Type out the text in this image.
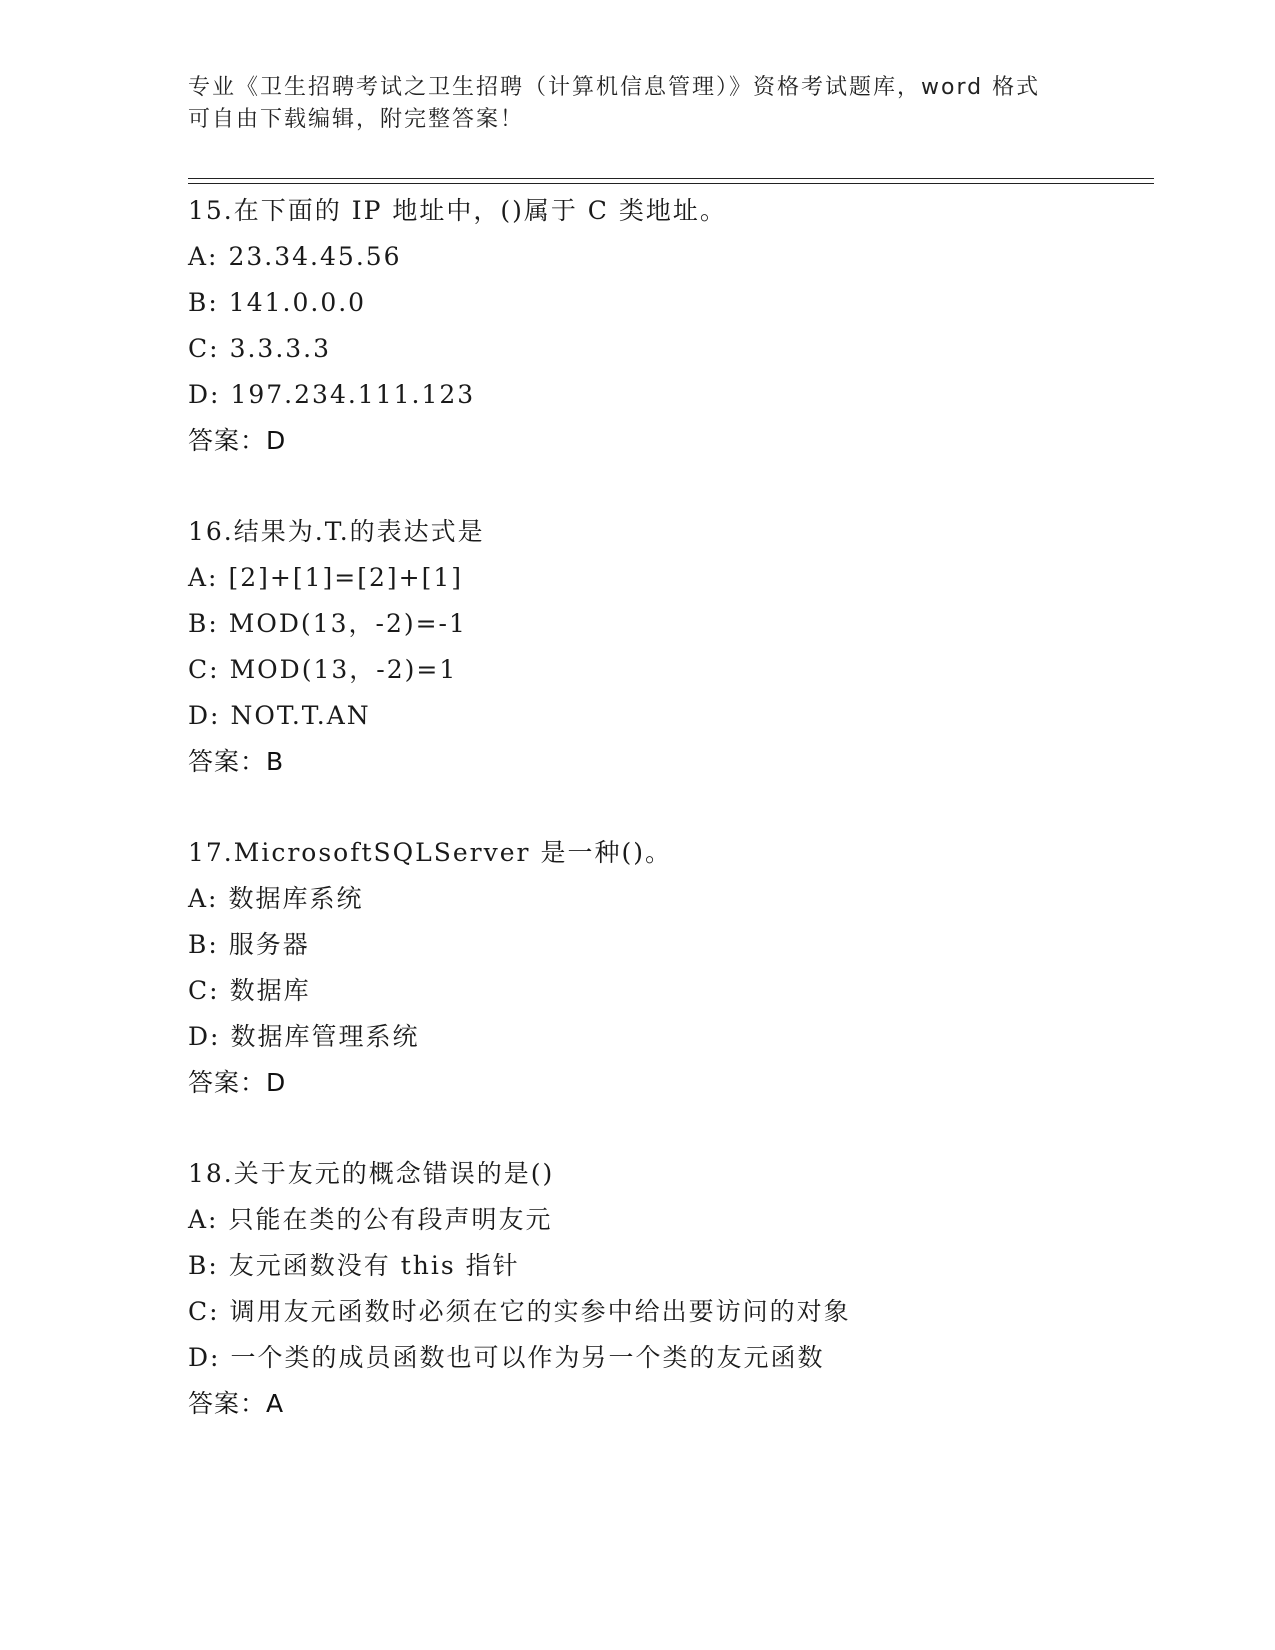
专业《卫生招聘考试之卫生招聘（计算机信息管理）》资格考试题库，word 格式
可自由下载编辑，附完整答案！
15.在下面的 IP 地址中，()属于 C 类地址。
A: 23.34.45.56
B: 141.0.0.0
C: 3.3.3.3
D: 197.234.111.123
答案：D
16.结果为.T.的表达式是
A: [2]+[1]=[2]+[1]
B: MOD(13，-2)=-1
C: MOD(13，-2)=1
D: NOT.T.AN
答案：B
17.MicrosoftSQLServer 是一种()。
A: 数据库系统
B: 服务器
C: 数据库
D: 数据库管理系统
答案：D
18.关于友元的概念错误的是()
A: 只能在类的公有段声明友元
B: 友元函数没有 this 指针
C: 调用友元函数时必须在它的实参中给出要访问的对象
D: 一个类的成员函数也可以作为另一个类的友元函数
答案：A
